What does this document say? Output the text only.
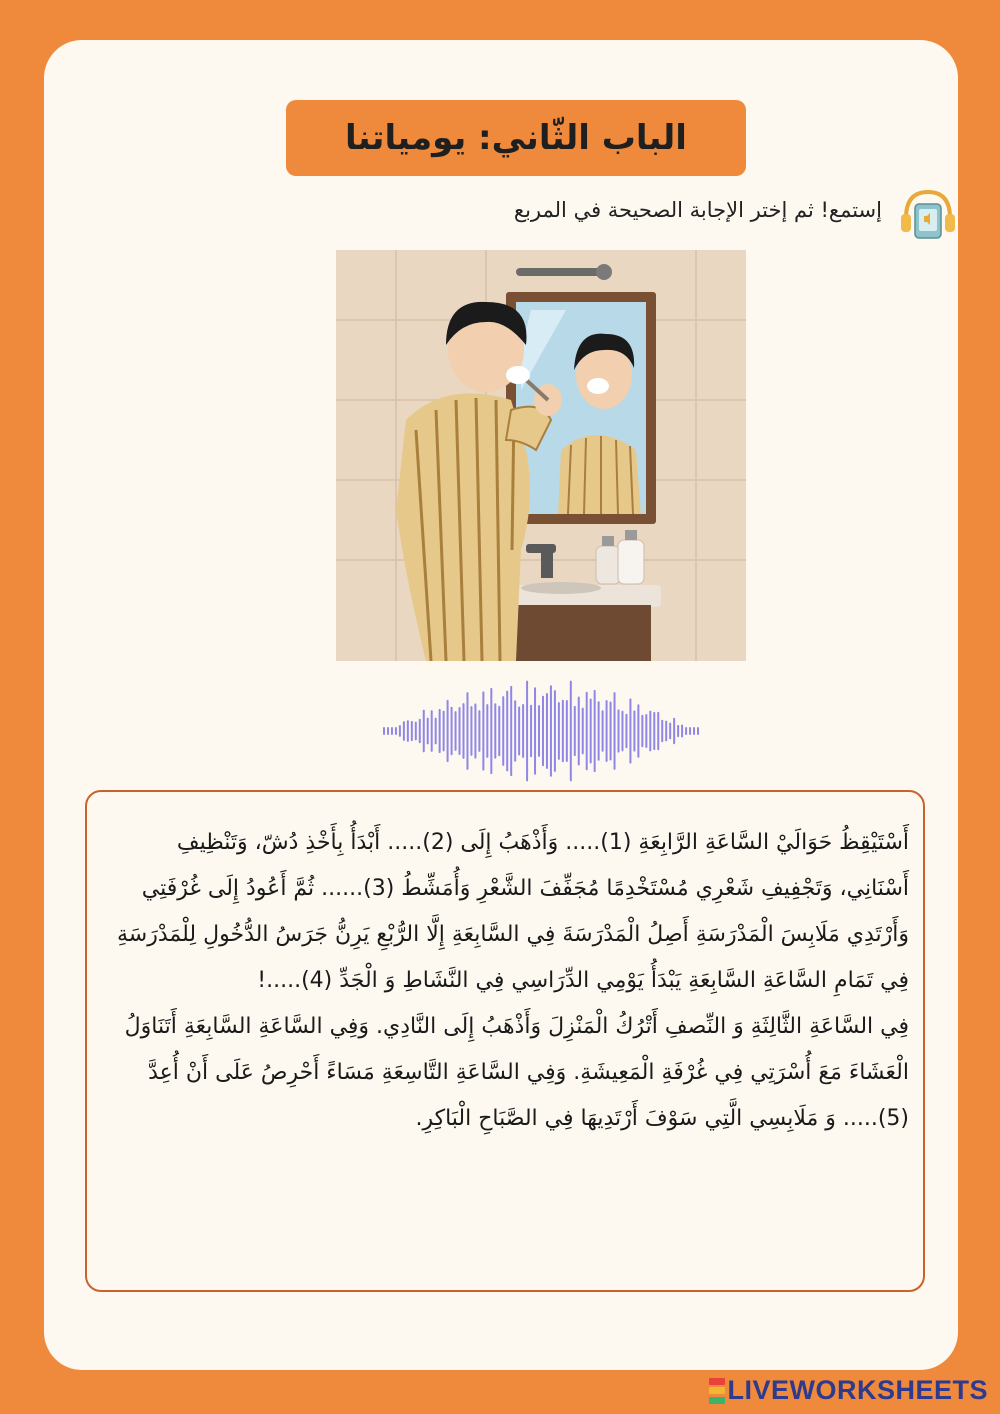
الباب الثّاني: يومياتنا
إستمع! ثم إختر الإجابة الصحيحة في المربع

أَسْتَيْقِظُ حَوَالَيْ السَّاعَةِ الرَّابِعَةِ (1)..... وَأَذْهَبُ إِلَى (2)..... أَبْدَأُ بِأَخْذِ دُشّ، وَتَنْظِيفِ أَسْنَانِي، وَتَجْفِيفِ شَعْرِي مُسْتَخْدِمًا مُجَفِّفَ الشَّعْرِ وَأُمَشِّطُ (3)...... ثُمَّ أَعُودُ إِلَى غُرْفَتِي وَأَرْتَدِي مَلَابِسَ الْمَدْرَسَةِ أَصِلُ الْمَدْرَسَةَ فِي السَّابِعَةِ إِلَّا الرُّبْعِ يَرِنُّ جَرَسُ الدُّخُولِ لِلْمَدْرَسَةِ فِي تَمَامِ السَّاعَةِ السَّابِعَةِ يَبْدَأُ يَوْمِي الدِّرَاسِي فِي النَّشَاطِ وَ الْجَدِّ (4).....!
فِي السَّاعَةِ الثَّالِثَةِ وَ النِّصفِ أَتْرُكُ الْمَنْزِلَ وَأَذْهَبُ إِلَى النَّادِي. وَفِي السَّاعَةِ السَّابِعَةِ أَتَنَاوَلُ الْعَشَاءَ مَعَ أُسْرَتِي فِي غُرْفَةِ الْمَعِيشَةِ. وَفِي السَّاعَةِ التَّاسِعَةِ مَسَاءً أَحْرِصُ عَلَى أَنْ أُعِدَّ (5)..... وَ مَلَابِسِي الَّتِي سَوْفَ أَرْتَدِيهَا فِي الصَّبَاحِ الْبَاكِرِ.

LIVEWORKSHEETS
